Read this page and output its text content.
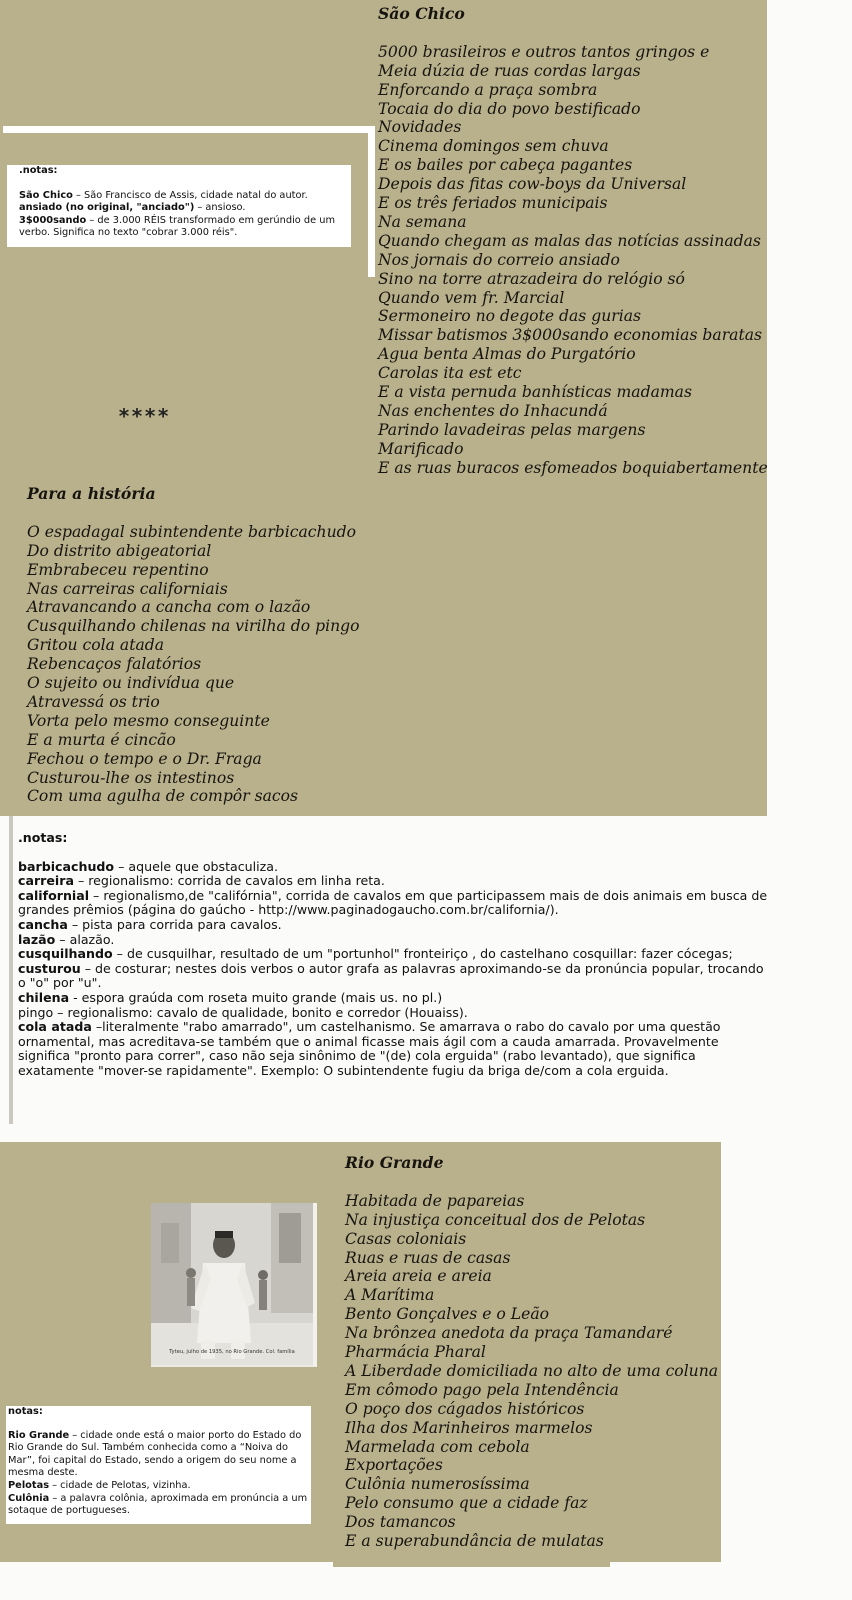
São Chico
5000 brasileiros e outros tantos gringos e
Meia dúzia de ruas cordas largas
Enforcando a praça sombra
Tocaia do dia do povo bestificado
Novidades
Cinema domingos sem chuva
E os bailes por cabeça pagantes
Depois das fitas cow-boys da Universal
E os três feriados municipais
Na semana
Quando chegam as malas das notícias assinadas
Nos jornais do correio ansiado
Sino na torre atrazadeira do relógio só
Quando vem fr. Marcial
Sermoneiro no degote das gurias
Missar batismos 3$000sando economias baratas
Agua benta Almas do Purgatório
Carolas ita est etc
E a vista pernuda banhísticas madamas
Nas enchentes do Inhacundá
Parindo lavadeiras pelas margens
Marificado
E as ruas buracos esfomeados boquiabertamente
.notas:
São Chico – São Francisco de Assis, cidade natal do autor.
ansiado (no original, "anciado") – ansioso.
3$000sando – de 3.000 RÉIS transformado em gerúndio de um verbo. Significa no texto "cobrar 3.000 réis".
****
Para a história
O espadagal subintendente barbicachudo
Do distrito abigeatorial
Embrabeceu repentino
Nas carreiras californiais
Atravancando a cancha com o lazão
Cusquilhando chilenas na virilha do pingo
Gritou cola atada
Rebencaços falatórios
O sujeito ou indivídua que
Atravessá os trio
Vorta pelo mesmo conseguinte
E a murta é cincão
Fechou o tempo e o Dr. Fraga
Custurou-lhe os intestinos
Com uma agulha de compôr sacos
.notas:
barbicachudo – aquele que obstaculiza.
carreira – regionalismo: corrida de cavalos em linha reta.
californial – regionalismo,de "califórnia", corrida de cavalos em que participassem mais de dois animais em busca de grandes prêmios (página do gaúcho - http://www.paginadogaucho.com.br/california/).
cancha – pista para corrida para cavalos.
lazão – alazão.
cusquilhando – de cusquilhar, resultado de um "portunhol" fronteiriço , do castelhano cosquillar: fazer cócegas;
custurou – de costurar; nestes dois verbos o autor grafa as palavras aproximando-se da pronúncia popular, trocando o "o" por "u".
chilena - espora graúda com roseta muito grande (mais us. no pl.)
pingo – regionalismo: cavalo de qualidade, bonito e corredor (Houaiss).
cola atada –literalmente "rabo amarrado", um castelhanismo. Se amarrava o rabo do cavalo por uma questão ornamental, mas acreditava-se também que o animal ficasse mais ágil com a cauda amarrada. Provavelmente significa "pronto para correr", caso não seja sinônimo de "(de) cola erguida" (rabo levantado), que significa exatamente "mover-se rapidamente". Exemplo: O subintendente fugiu da briga de/com a cola erguida.
Tyteu, julho de 1935, no Rio Grande. Col. família
Rio Grande
Habitada de papareias
Na injustiça conceitual dos de Pelotas
Casas coloniais
Ruas e ruas de casas
Areia areia e areia
A Marítima
Bento Gonçalves e o Leão
Na brônzea anedota da praça Tamandaré
Pharmácia Pharal
A Liberdade domiciliada no alto de uma coluna
Em cômodo pago pela Intendência
O poço dos cágados históricos
Ilha dos Marinheiros marmelos
Marmelada com cebola
Exportações
Culônia numerosíssima
Pelo consumo que a cidade faz
Dos tamancos
E a superabundância de mulatas
notas:
Rio Grande – cidade onde está o maior porto do Estado do Rio Grande do Sul. Também conhecida como a “Noiva do Mar”, foi capital do Estado, sendo a origem do seu nome a mesma deste.
Pelotas – cidade de Pelotas, vizinha.
Culônia – a palavra colônia, aproximada em pronúncia a um sotaque de portugueses.
